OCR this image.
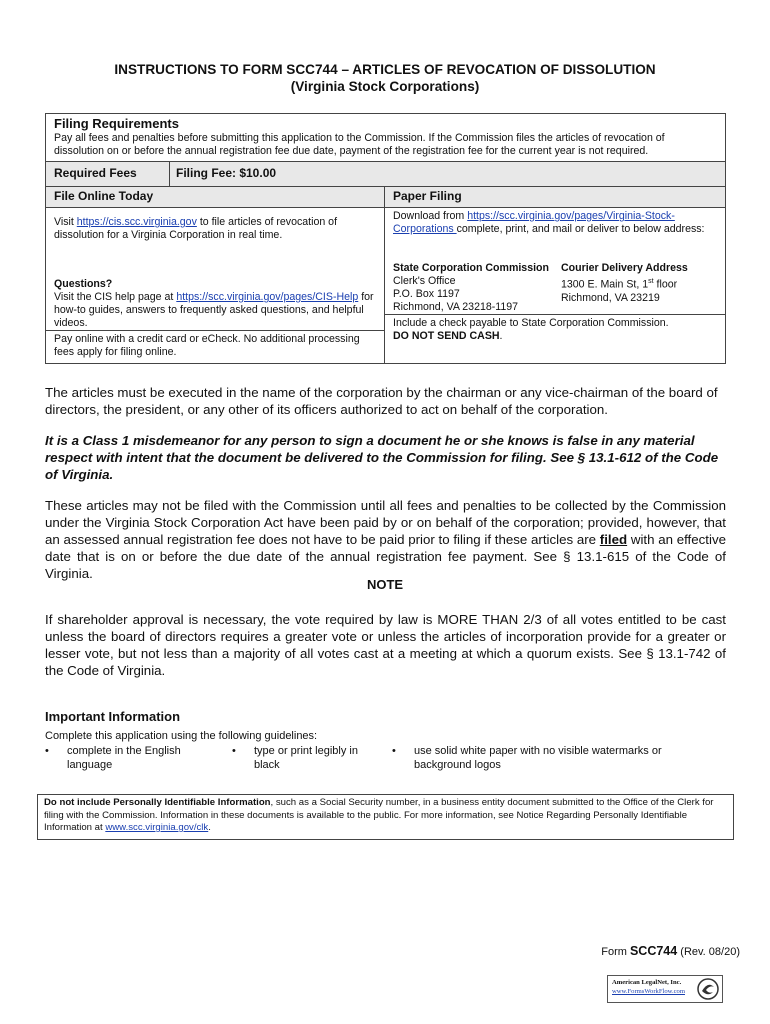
INSTRUCTIONS TO FORM SCC744 – ARTICLES OF REVOCATION OF DISSOLUTION
(Virginia Stock Corporations)
Filing Requirements
Pay all fees and penalties before submitting this application to the Commission. If the Commission files the articles of revocation of dissolution on or before the annual registration fee due date, payment of the registration fee for the current year is not required.
Required Fees	Filing Fee: $10.00
File Online Today
Visit https://cis.scc.virginia.gov to file articles of revocation of dissolution for a Virginia Corporation in real time.
Questions?
Visit the CIS help page at https://scc.virginia.gov/pages/CIS-Help for how-to guides, answers to frequently asked questions, and helpful videos.
Pay online with a credit card or eCheck. No additional processing fees apply for filing online.
Paper Filing
Download from https://scc.virginia.gov/pages/Virginia-Stock-Corporations complete, print, and mail or deliver to below address:
State Corporation Commission
Clerk's Office
P.O. Box 1197
Richmond, VA 23218-1197
Courier Delivery Address
1300 E. Main St, 1st floor
Richmond, VA 23219
Include a check payable to State Corporation Commission.
DO NOT SEND CASH.
The articles must be executed in the name of the corporation by the chairman or any vice-chairman of the board of directors, the president, or any other of its officers authorized to act on behalf of the corporation.
It is a Class 1 misdemeanor for any person to sign a document he or she knows is false in any material respect with intent that the document be delivered to the Commission for filing. See § 13.1-612 of the Code of Virginia.
These articles may not be filed with the Commission until all fees and penalties to be collected by the Commission under the Virginia Stock Corporation Act have been paid by or on behalf of the corporation; provided, however, that an assessed annual registration fee does not have to be paid prior to filing if these articles are filed with an effective date that is on or before the due date of the annual registration fee payment. See § 13.1-615 of the Code of Virginia.
NOTE
If shareholder approval is necessary, the vote required by law is MORE THAN 2/3 of all votes entitled to be cast unless the board of directors requires a greater vote or unless the articles of incorporation provide for a greater or lesser vote, but not less than a majority of all votes cast at a meeting at which a quorum exists. See § 13.1-742 of the Code of Virginia.
Important Information
Complete this application using the following guidelines:
•	complete in the English
language
•	type or print legibly in
black
•	use solid white paper with no visible watermarks or
background logos
Do not include Personally Identifiable Information, such as a Social Security number, in a business entity document submitted to the Office of the Clerk for filing with the Commission. Information in these documents is available to the public. For more information, see Notice Regarding Personally Identifiable Information at www.scc.virginia.gov/clk.
Form SCC744 (Rev. 08/20)
American LegalNet, Inc.
www.FormsWorkFlow.com
